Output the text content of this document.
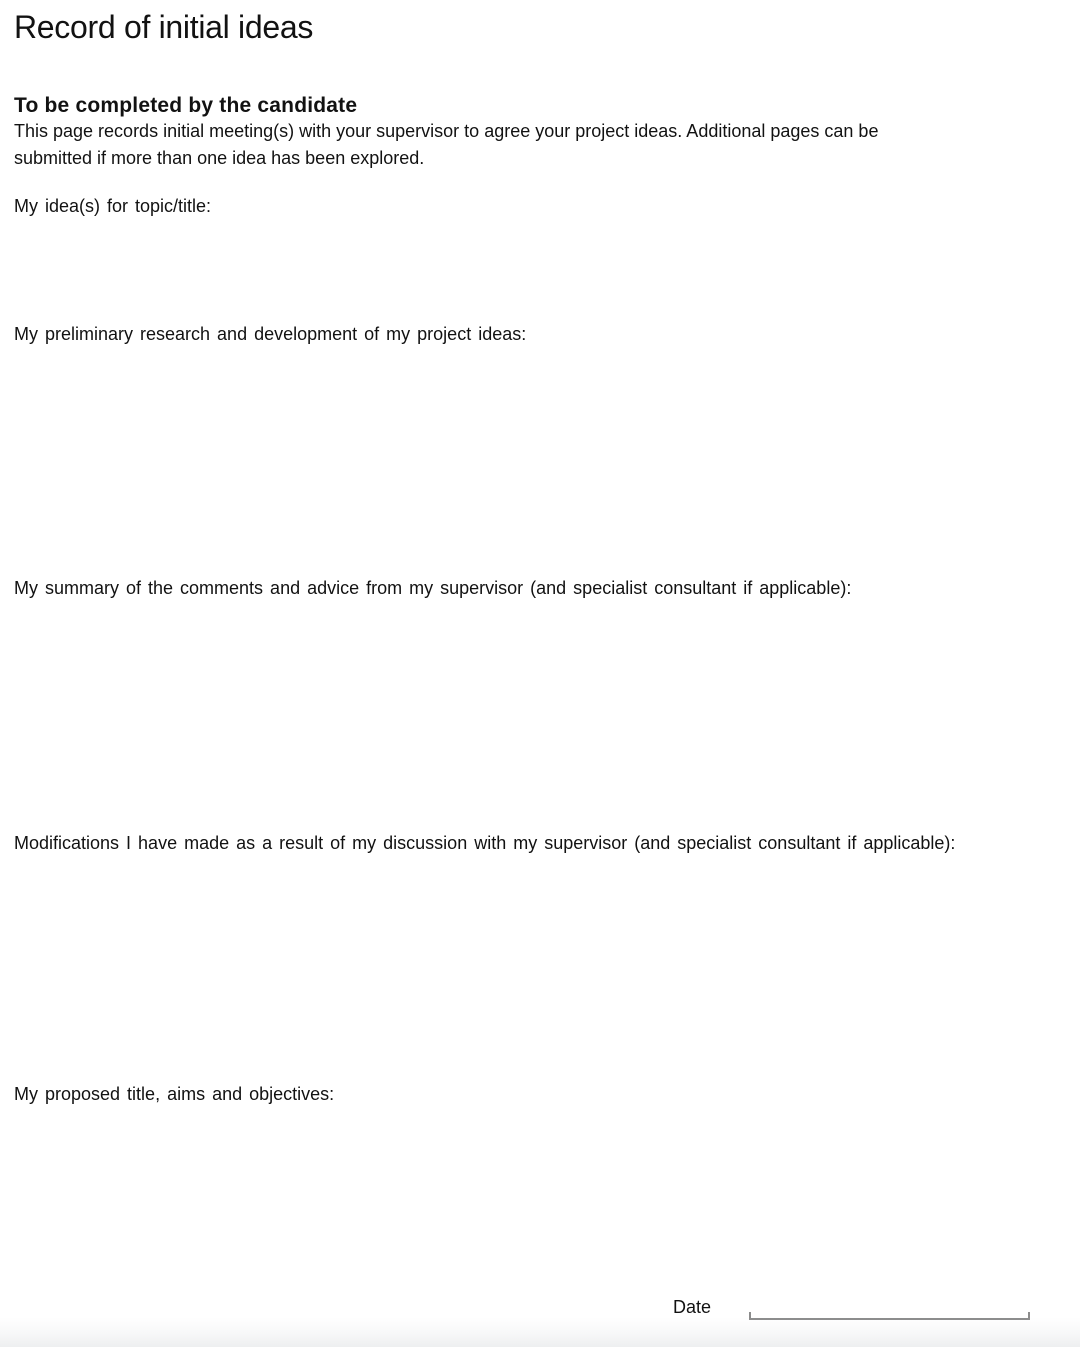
Record of initial ideas
To be completed by the candidate
This page records initial meeting(s) with your supervisor to agree your project ideas. Additional pages can be
submitted if more than one idea has been explored.
My idea(s) for topic/title:
My preliminary research and development of my project ideas:
My summary of the comments and advice from my supervisor (and specialist consultant if applicable):
Modifications I have made as a result of my discussion with my supervisor (and specialist consultant if applicable):
My proposed title, aims and objectives:
Date
